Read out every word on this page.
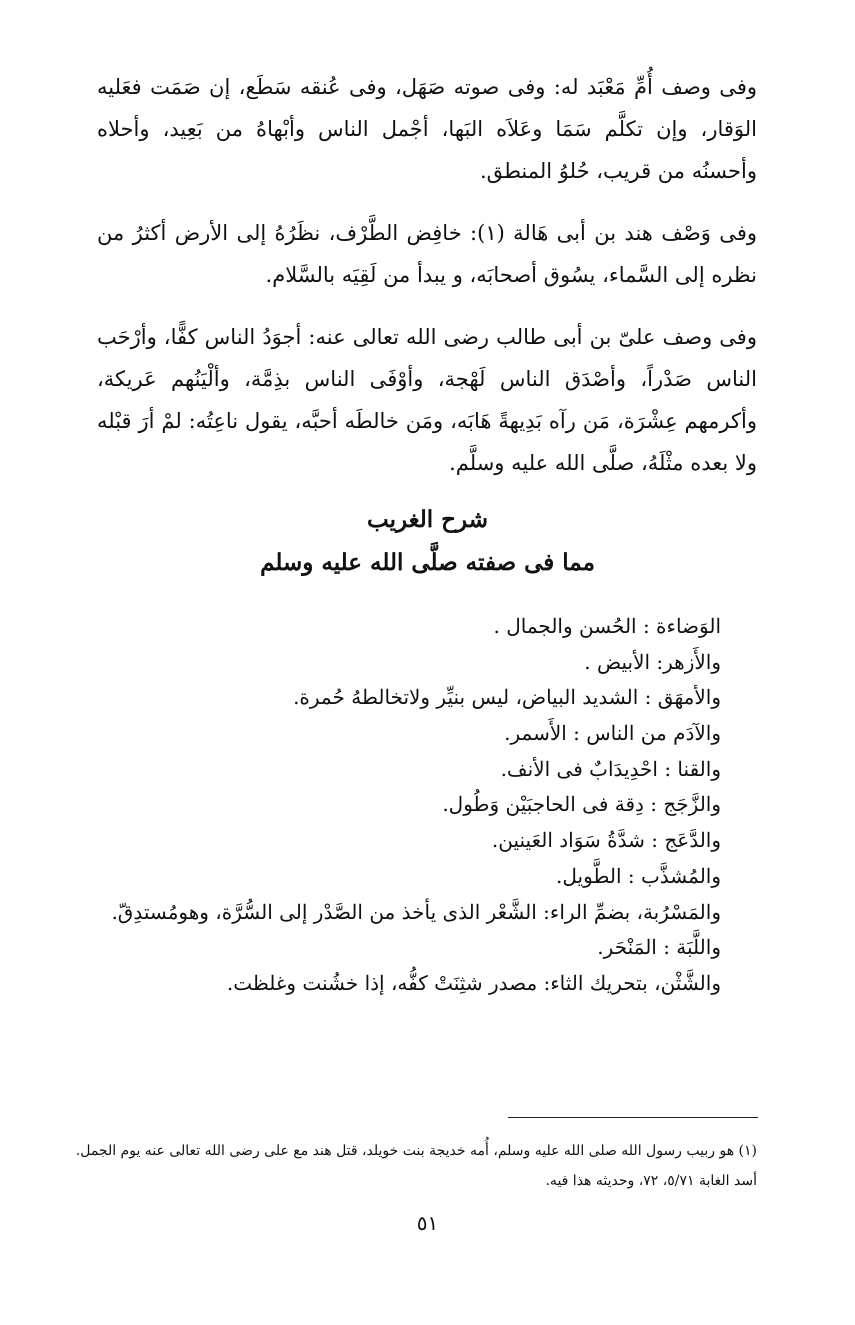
وفى وصف أُمِّ مَعْبَد له: وفى صوته صَهَل، وفى عُنقه سَطَع، إن صَمَت فعَليه الوَقار، وإن تكلَّم سَمَا وعَلاَه البَها، أجْمل الناس وأبْهاهُ من بَعِيد، وأحلاه وأحسنُه من قريب، حُلوُ المنطق.

وفى وَصْف هند بن أبى هَالة (١): خافِض الطَّرْف، نظَرُهُ إلى الأرض أكثرُ من نظره إلى السَّماء، يسُوق أصحابَه، و يبدأ من لَقِيَه بالسَّلام.

وفى وصف علىّ بن أبى طالب رضى الله تعالى عنه: أجوَدُ الناس كفًّا، وأرْحَب الناس صَدْراً، وأصْدَق الناس لَهْجة، وأوْفَى الناس بذِمَّة، وألْيَنُهم عَريكة، وأكرمهم عِشْرَة، مَن رآه بَدِيهةً هَابَه، ومَن خالطَه أحبَّه، يقول ناعِتُه: لمْ أرَ قبْله ولا بعده مثْلَهُ، صلَّى الله عليه وسلَّم.

شرح الغريب
مما فى صفته صلَّى الله عليه وسلم
الوَضاءة : الحُسن والجمال .
والأَزهر: الأبيض .
والأمهَق : الشديد البياض، ليس بنيِّر ولاتخالطهُ حُمرة.
والآدَم من الناس : الأَسمر.
والقنا : احْدِيدَابٌ فى الأنف.
والزَّجَج : دِقة فى الحاجبَيْن وَطُول.
والدَّعَج : شدَّةُ سَوَاد العَينين.
والمُشذَّب : الطَّويل.
والمَسْرُبة، بضمِّ الراء: الشَّعْر الذى يأخذ من الصَّدْر إلى السُّرَّة، وهومُستدِقّ.
واللَّبَة : المَنْحَر.
والشَّثْن، بتحريك الثاء: مصدر شثِنَتْ كفُّه، إذا خشُنت وغلظت.
(١) هو ربيب رسول الله صلى الله عليه وسلم، أُمه خديجة بنت خويلد، قتل هند مع على رضى الله تعالى عنه يوم الجمل.
أسد الغابة ٥/٧١، ٧٢، وحديثه هذا فيه.
٥١
